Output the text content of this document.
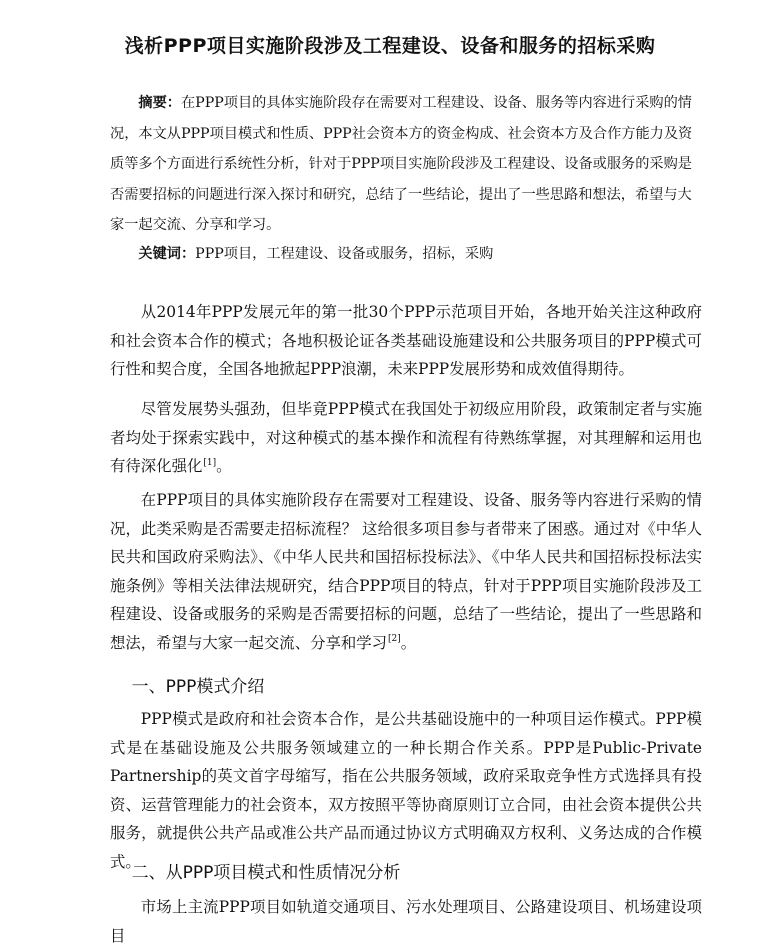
浅析PPP项目实施阶段涉及工程建设、设备和服务的招标采购

摘要：在PPP项目的具体实施阶段存在需要对工程建设、设备、服务等内容进行采购的情况，本文从PPP项目模式和性质、PPP社会资本方的资金构成、社会资本方及合作方能力及资质等多个方面进行系统性分析，针对于PPP项目实施阶段涉及工程建设、设备或服务的采购是否需要招标的问题进行深入探讨和研究，总结了一些结论，提出了一些思路和想法，希望与大家一起交流、分享和学习。

关键词：PPP项目，工程建设、设备或服务，招标，采购

从2014年PPP发展元年的第一批30个PPP示范项目开始，各地开始关注这种政府和社会资本合作的模式；各地积极论证各类基础设施建设和公共服务项目的PPP模式可行性和契合度，全国各地掀起PPP浪潮，未来PPP发展形势和成效值得期待。

尽管发展势头强劲，但毕竟PPP模式在我国处于初级应用阶段，政策制定者与实施者均处于探索实践中，对这种模式的基本操作和流程有待熟练掌握，对其理解和运用也有待深化强化[1]。

在PPP项目的具体实施阶段存在需要对工程建设、设备、服务等内容进行采购的情况，此类采购是否需要走招标流程？ 这给很多项目参与者带来了困惑。通过对《中华人民共和国政府采购法》、《中华人民共和国招标投标法》、《中华人民共和国招标投标法实施条例》等相关法律法规研究，结合PPP项目的特点，针对于PPP项目实施阶段涉及工程建设、设备或服务的采购是否需要招标的问题，总结了一些结论，提出了一些思路和想法，希望与大家一起交流、分享和学习[2]。

一、PPP模式介绍

PPP模式是政府和社会资本合作，是公共基础设施中的一种项目运作模式。PPP模式是在基础设施及公共服务领域建立的一种长期合作关系。PPP是Public-Private Partnership的英文首字母缩写，指在公共服务领域，政府采取竞争性方式选择具有投资、运营管理能力的社会资本，双方按照平等协商原则订立合同，由社会资本提供公共服务，就提供公共产品或准公共产品而通过协议方式明确双方权利、义务达成的合作模式。

二、从PPP项目模式和性质情况分析

市场上主流PPP项目如轨道交通项目、污水处理项目、公路建设项目、机场建设项目
